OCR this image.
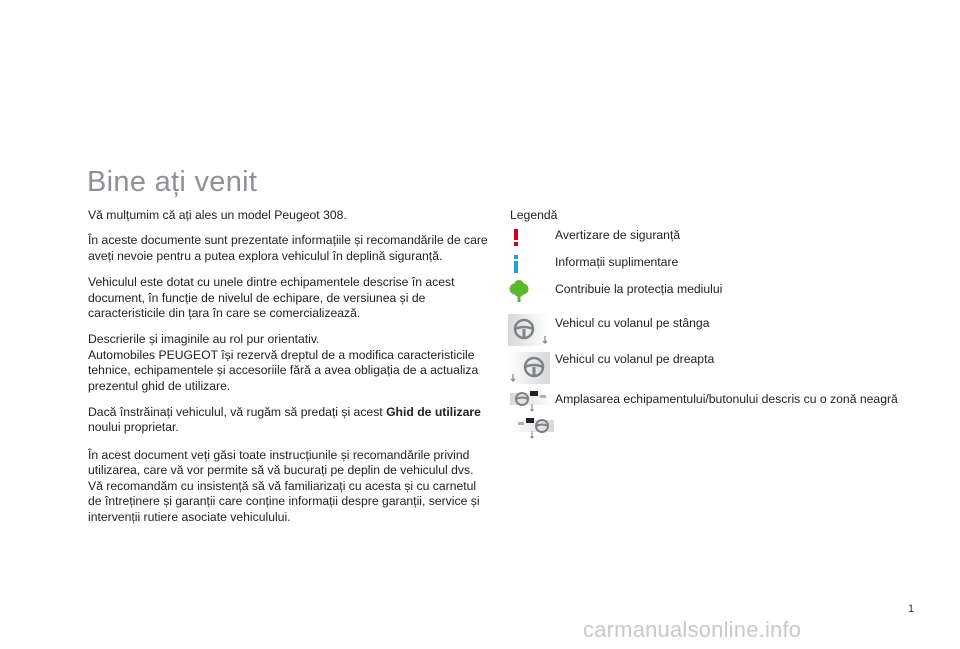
Bine ați venit

Vă mulțumim că ați ales un model Peugeot 308.

În aceste documente sunt prezentate informațiile și recomandările de care aveți nevoie pentru a putea explora vehiculul în deplină siguranță.

Vehiculul este dotat cu unele dintre echipamentele descrise în acest document, în funcție de nivelul de echipare, de versiunea și de caracteristicile din țara în care se comercializează.

Descrierile și imaginile au rol pur orientativ.

Automobiles PEUGEOT își rezervă dreptul de a modifica caracteristicile tehnice, echipamentele și accesoriile fără a avea obligația de a actualiza prezentul ghid de utilizare.

Dacă înstrăinați vehiculul, vă rugăm să predați și acest Ghid de utilizare noului proprietar.

În acest document veți găsi toate instrucțiunile și recomandările privind utilizarea, care vă vor permite să vă bucurați pe deplin de vehiculul dvs.

Vă recomandăm cu insistență să vă familiarizați cu acesta și cu carnetul de întreținere și garanții care conține informații despre garanții, service și intervenții rutiere asociate vehiculului.

Legendă
Avertizare de siguranță
Informații suplimentare
Contribuie la protecția mediului
Vehicul cu volanul pe stânga
Vehicul cu volanul pe dreapta
Amplasarea echipamentului/butonului descris cu o zonă neagră
1
carmanualsonline.info
